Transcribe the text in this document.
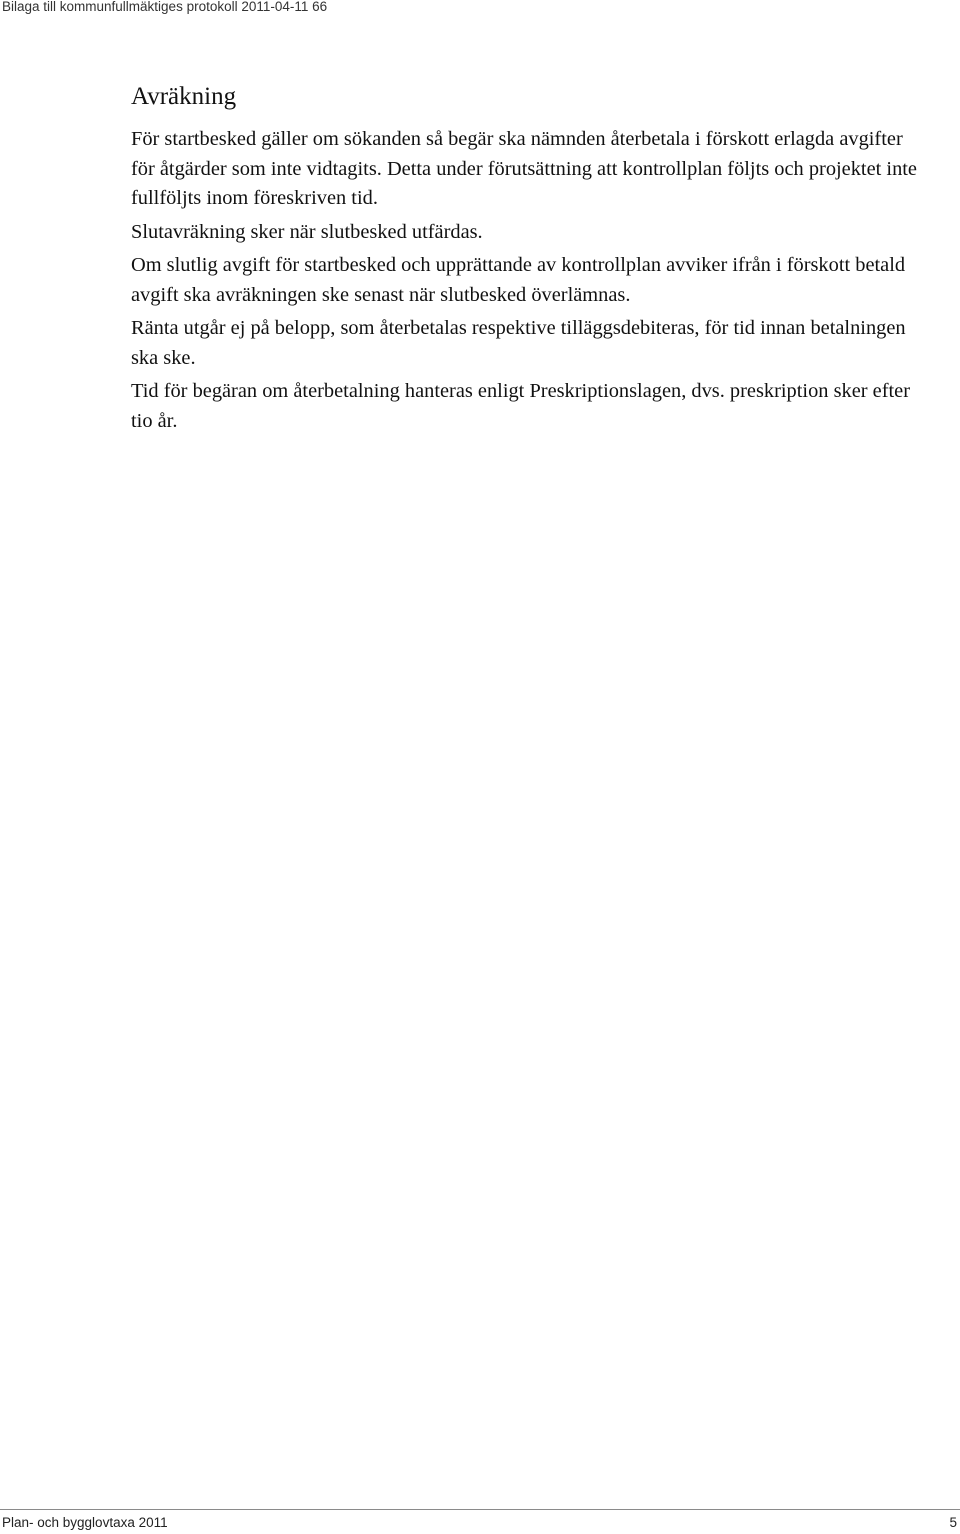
Bilaga till kommunfullmäktiges protokoll 2011-04-11 66
Avräkning

För startbesked gäller om sökanden så begär ska nämnden återbetala i förskott erlagda avgifter för åtgärder som inte vidtagits. Detta under förutsättning att kontrollplan följts och projektet inte fullföljts inom föreskriven tid.

Slutavräkning sker när slutbesked utfärdas.

Om slutlig avgift för startbesked och upprättande av kontrollplan avviker ifrån i förskott betald avgift ska avräkningen ske senast när slutbesked överlämnas.

Ränta utgår ej på belopp, som återbetalas respektive tilläggsdebiteras, för tid innan betalningen ska ske.

Tid för begäran om återbetalning hanteras enligt Preskriptionslagen, dvs. preskription sker efter tio år.

Plan- och bygglovtaxa 2011	5
